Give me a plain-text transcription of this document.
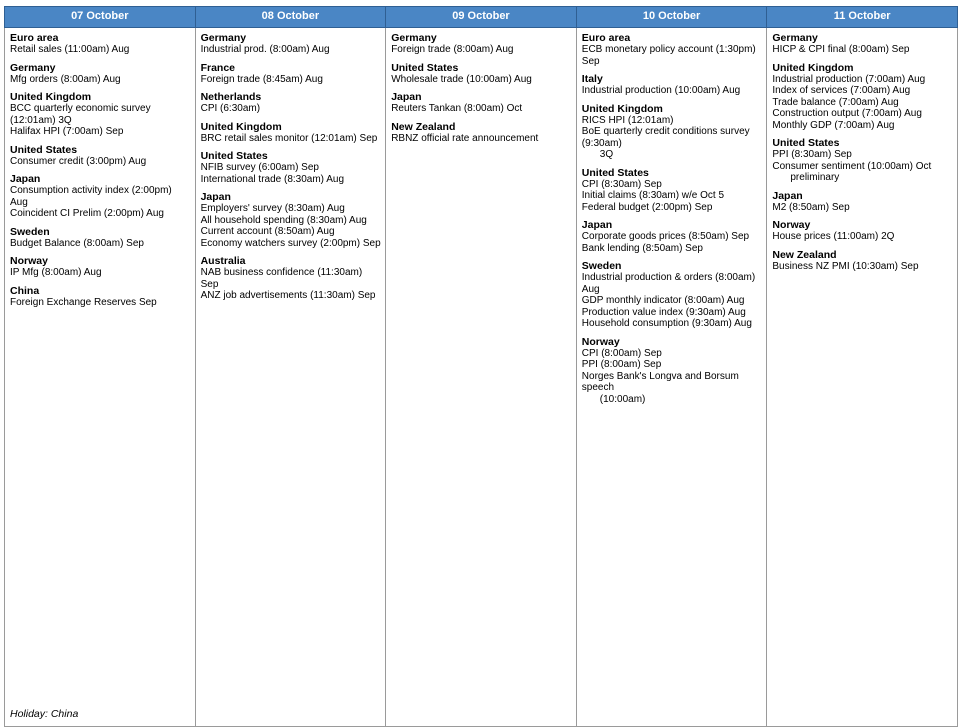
07 October	08 October	09 October	10 October	11 October

Euro area
Retail sales (11:00am) Aug
Germany
Mfg orders (8:00am) Aug
United Kingdom
BCC quarterly economic survey (12:01am) 3Q
Halifax HPI (7:00am) Sep
United States
Consumer credit (3:00pm) Aug
Japan
Consumption activity index (2:00pm) Aug
Coincident CI Prelim (2:00pm) Aug
Sweden
Budget Balance (8:00am) Sep
Norway
IP Mfg (8:00am) Aug
China
Foreign Exchange Reserves Sep
Holiday: China

Germany
Industrial prod. (8:00am) Aug
France
Foreign trade (8:45am) Aug
Netherlands
CPI (6:30am)
United Kingdom
BRC retail sales monitor (12:01am) Sep
United States
NFIB survey (6:00am) Sep
International trade (8:30am) Aug
Japan
Employers' survey (8:30am) Aug
All household spending (8:30am) Aug
Current account (8:50am) Aug
Economy watchers survey (2:00pm) Sep
Australia
NAB business confidence (11:30am) Sep
ANZ job advertisements (11:30am) Sep

Germany
Foreign trade (8:00am) Aug
United States
Wholesale trade (10:00am) Aug
Japan
Reuters Tankan (8:00am) Oct
New Zealand
RBNZ official rate announcement

Euro area
ECB monetary policy account (1:30pm) Sep
Italy
Industrial production (10:00am) Aug
United Kingdom
RICS HPI (12:01am)
BoE quarterly credit conditions survey (9:30am)
3Q
United States
CPI (8:30am) Sep
Initial claims (8:30am) w/e Oct 5
Federal budget (2:00pm) Sep
Japan
Corporate goods prices (8:50am) Sep
Bank lending (8:50am) Sep
Sweden
Industrial production & orders (8:00am) Aug
GDP monthly indicator (8:00am) Aug
Production value index (9:30am) Aug
Household consumption (9:30am) Aug
Norway
CPI (8:00am) Sep
PPI (8:00am) Sep
Norges Bank's Longva and Borsum speech
(10:00am)

Germany
HICP & CPI final (8:00am) Sep
United Kingdom
Industrial production (7:00am) Aug
Index of services (7:00am) Aug
Trade balance (7:00am) Aug
Construction output (7:00am) Aug
Monthly GDP (7:00am) Aug
United States
PPI (8:30am) Sep
Consumer sentiment (10:00am) Oct
preliminary
Japan
M2 (8:50am) Sep
Norway
House prices (11:00am) 2Q
New Zealand
Business NZ PMI (10:30am) Sep
